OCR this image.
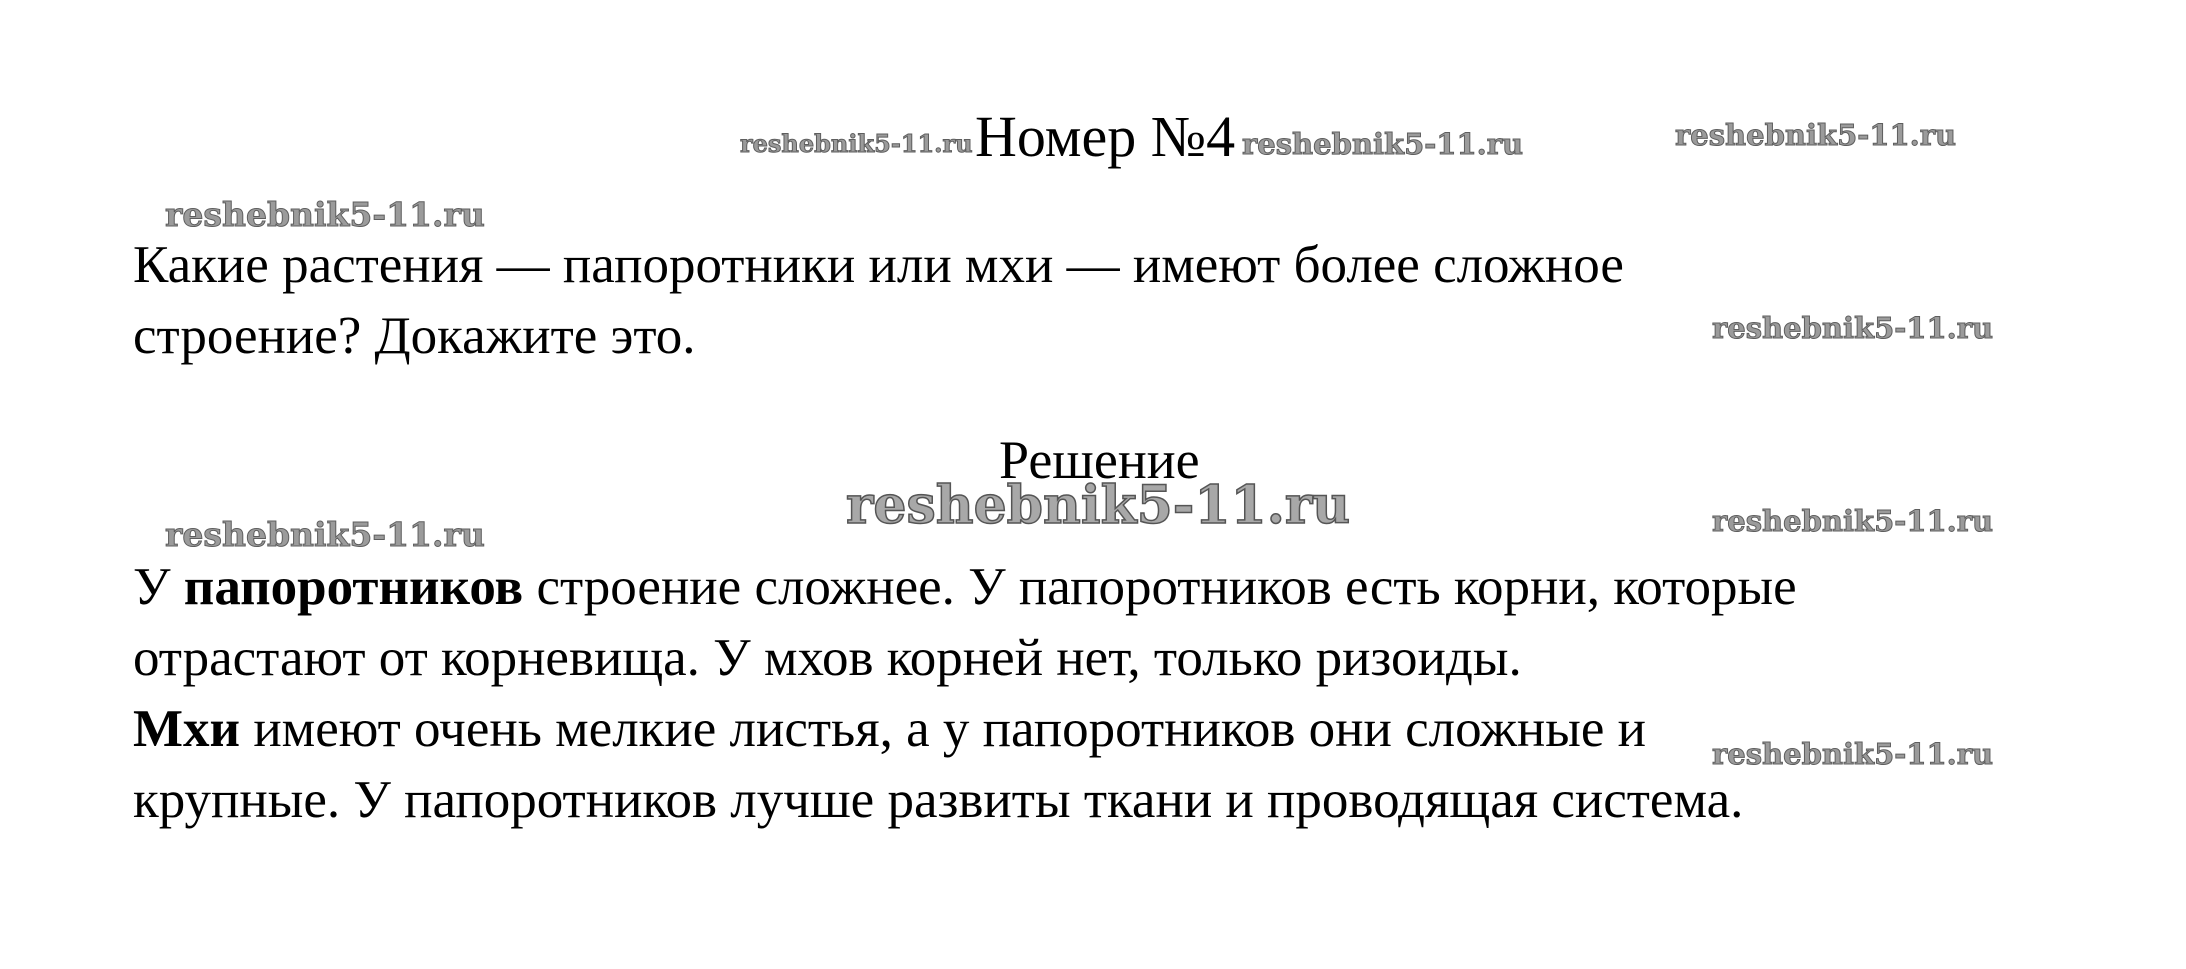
reshebnik5-11.ru	reshebnik5-11.ru	reshebnik5-11.ru
reshebnik5-11.ru
reshebnik5-11.ru
reshebnik5-11.ru
reshebnik5-11.ru	reshebnik5-11.ru
reshebnik5-11.ru
Номер №4
Какие растения — папоротники или мхи — имеют более сложное
строение? Докажите это.
Решение
У папоротников строение сложнее. У папоротников есть корни, которые
отрастают от корневища. У мхов корней нет, только ризоиды.
Мхи имеют очень мелкие листья, а у папоротников они сложные и
крупные. У папоротников лучше развиты ткани и проводящая система.
